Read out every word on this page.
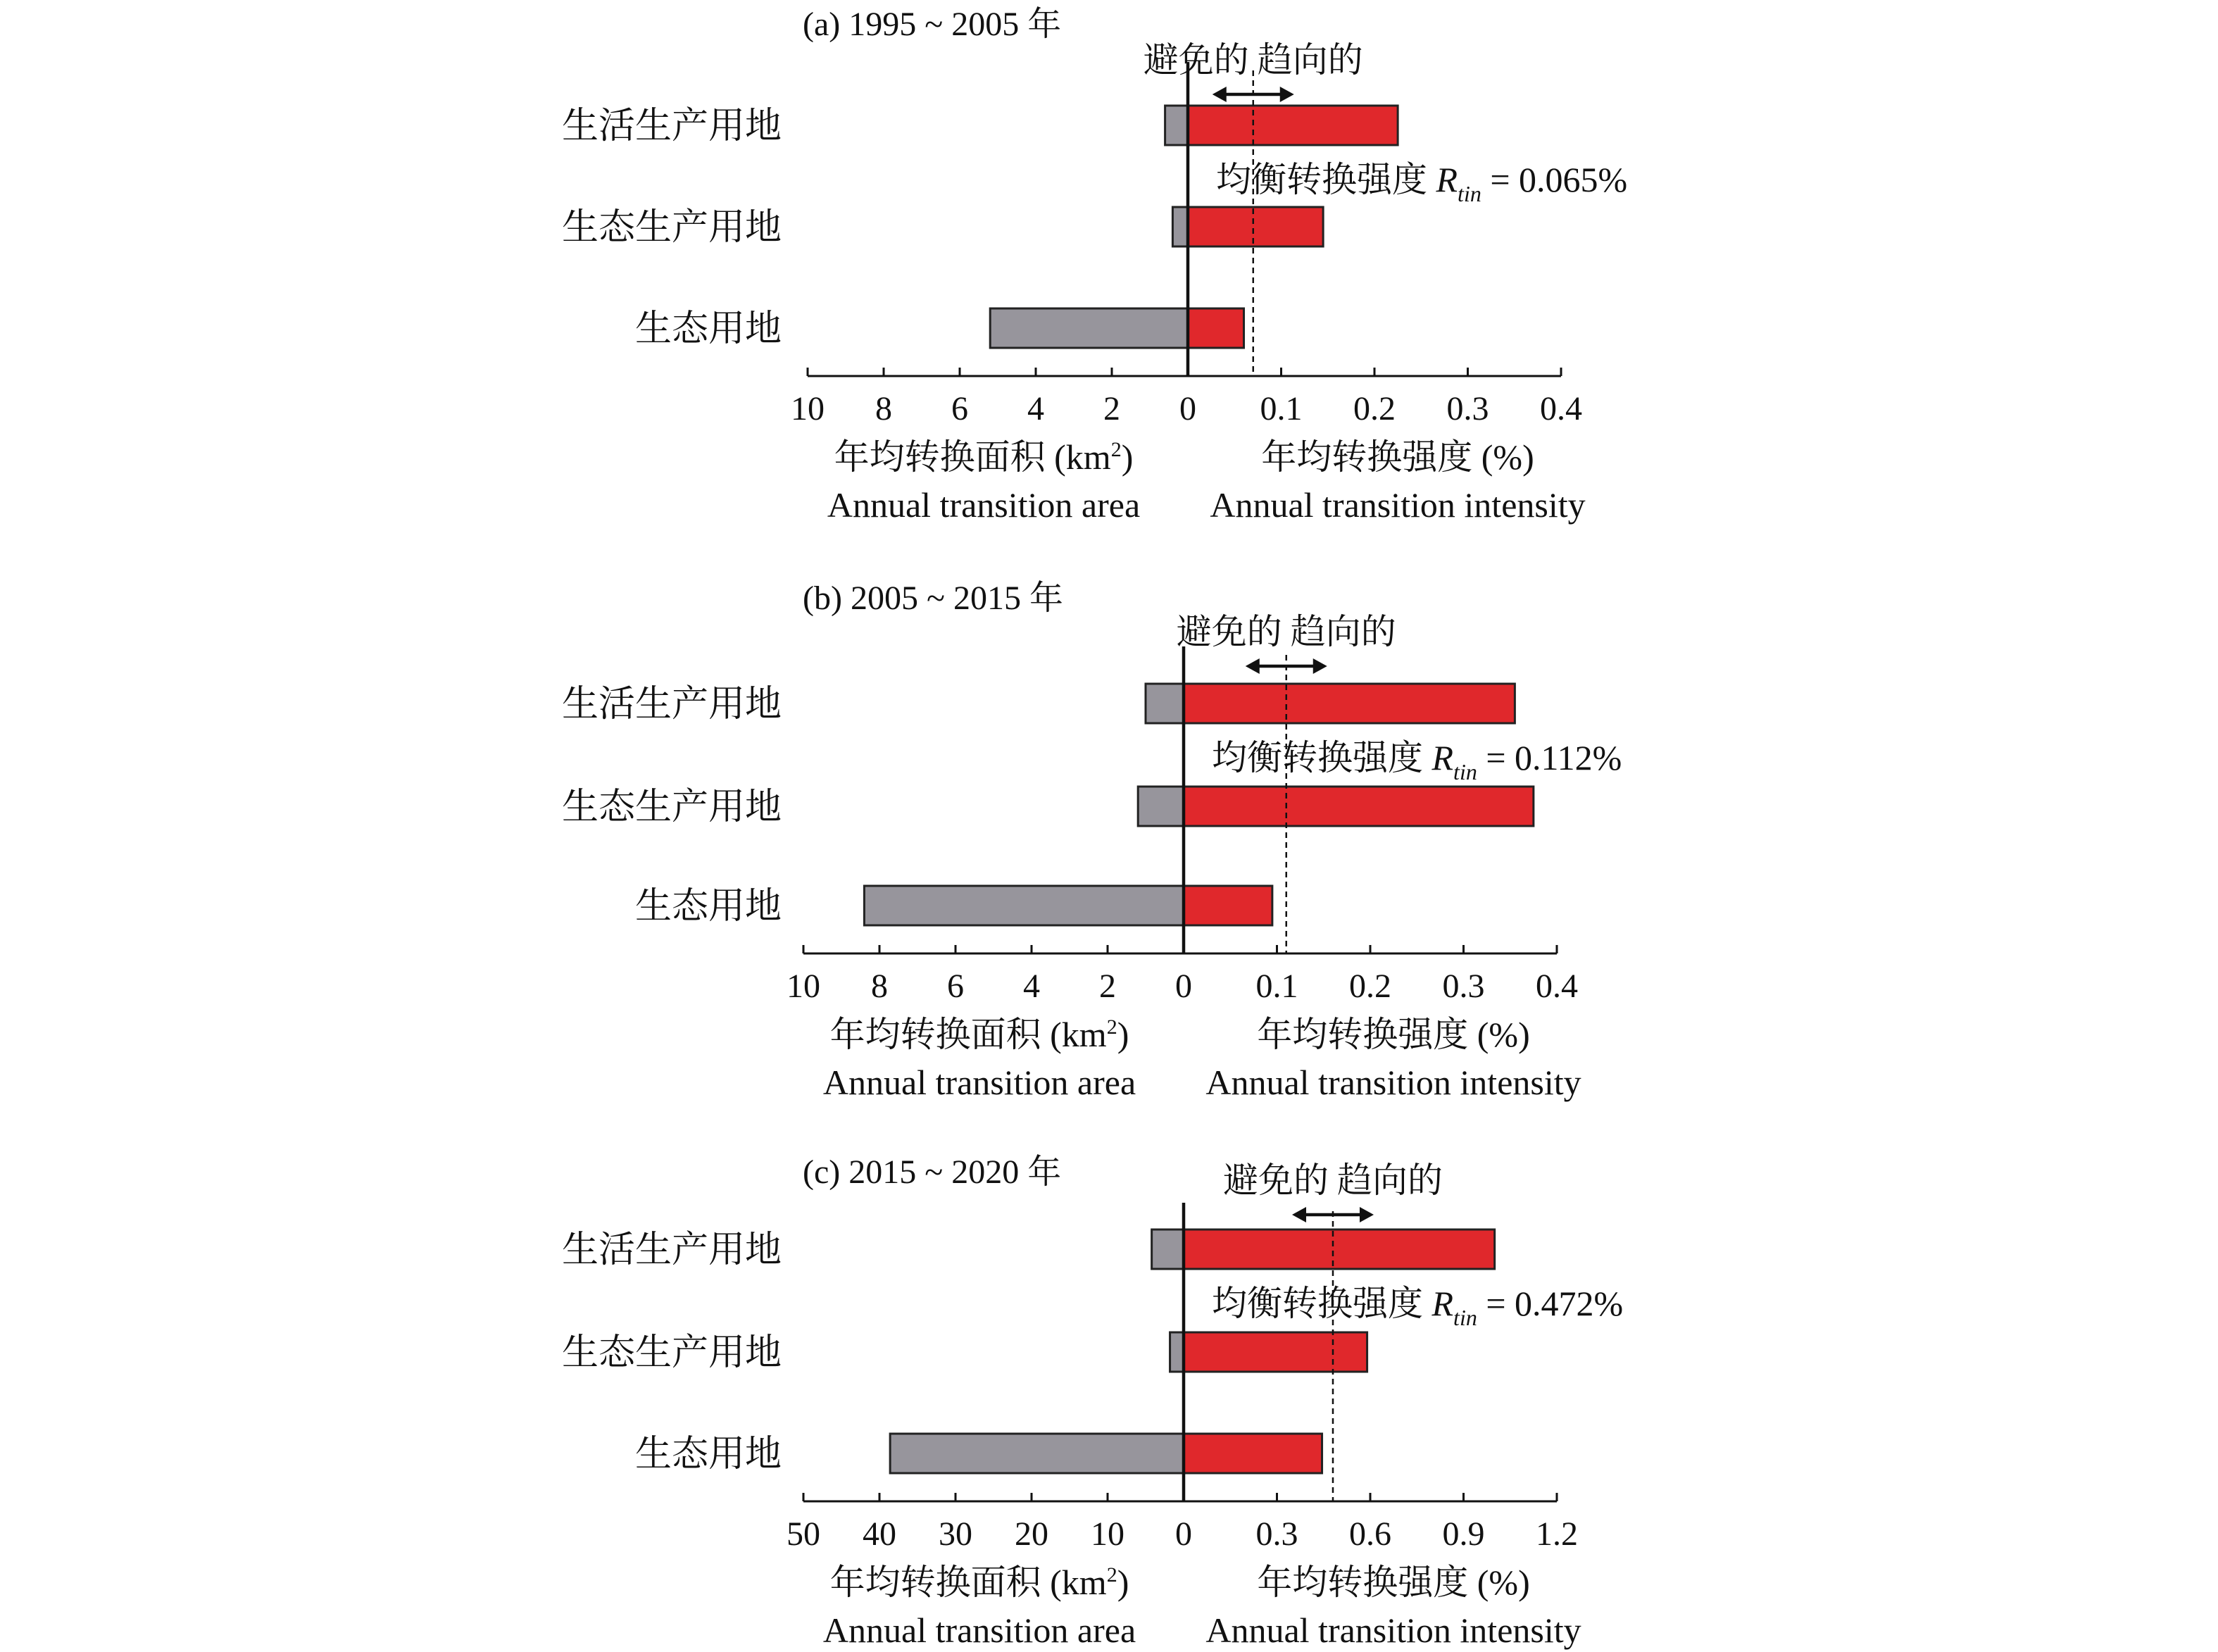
(a) 1995 ~ 2005 年
生活生产用地
生态生产用地
生态用地
10 8 6 4 2 0 0.1 0.2 0.3 0.4
避免的 趋向的
均衡转换强度 $R_{tin} = 0.065\%$
年均转换面积 $(km^2)$
Annual transition area
年均转换强度 (%)
Annual transition intensity
(b) 2005 ~ 2015 年
生活生产用地
生态生产用地
生态用地
10 8 6 4 2 0 0.1 0.2 0.3 0.4
避免的 趋向的
均衡转换强度 $R_{tin} = 0.112\%$
年均转换面积 $(km^2)$
Annual transition area
年均转换强度 (%)
Annual transition intensity
(c) 2015 ~ 2020 年
生活生产用地
生态生产用地
生态用地
50 40 30 20 10 0 0.3 0.6 0.9 1.2
避免的 趋向的
均衡转换强度 $R_{tin} = 0.472\%$
年均转换面积 $(km^2)$
Annual transition area
年均转换强度 (%)
Annual transition intensity
